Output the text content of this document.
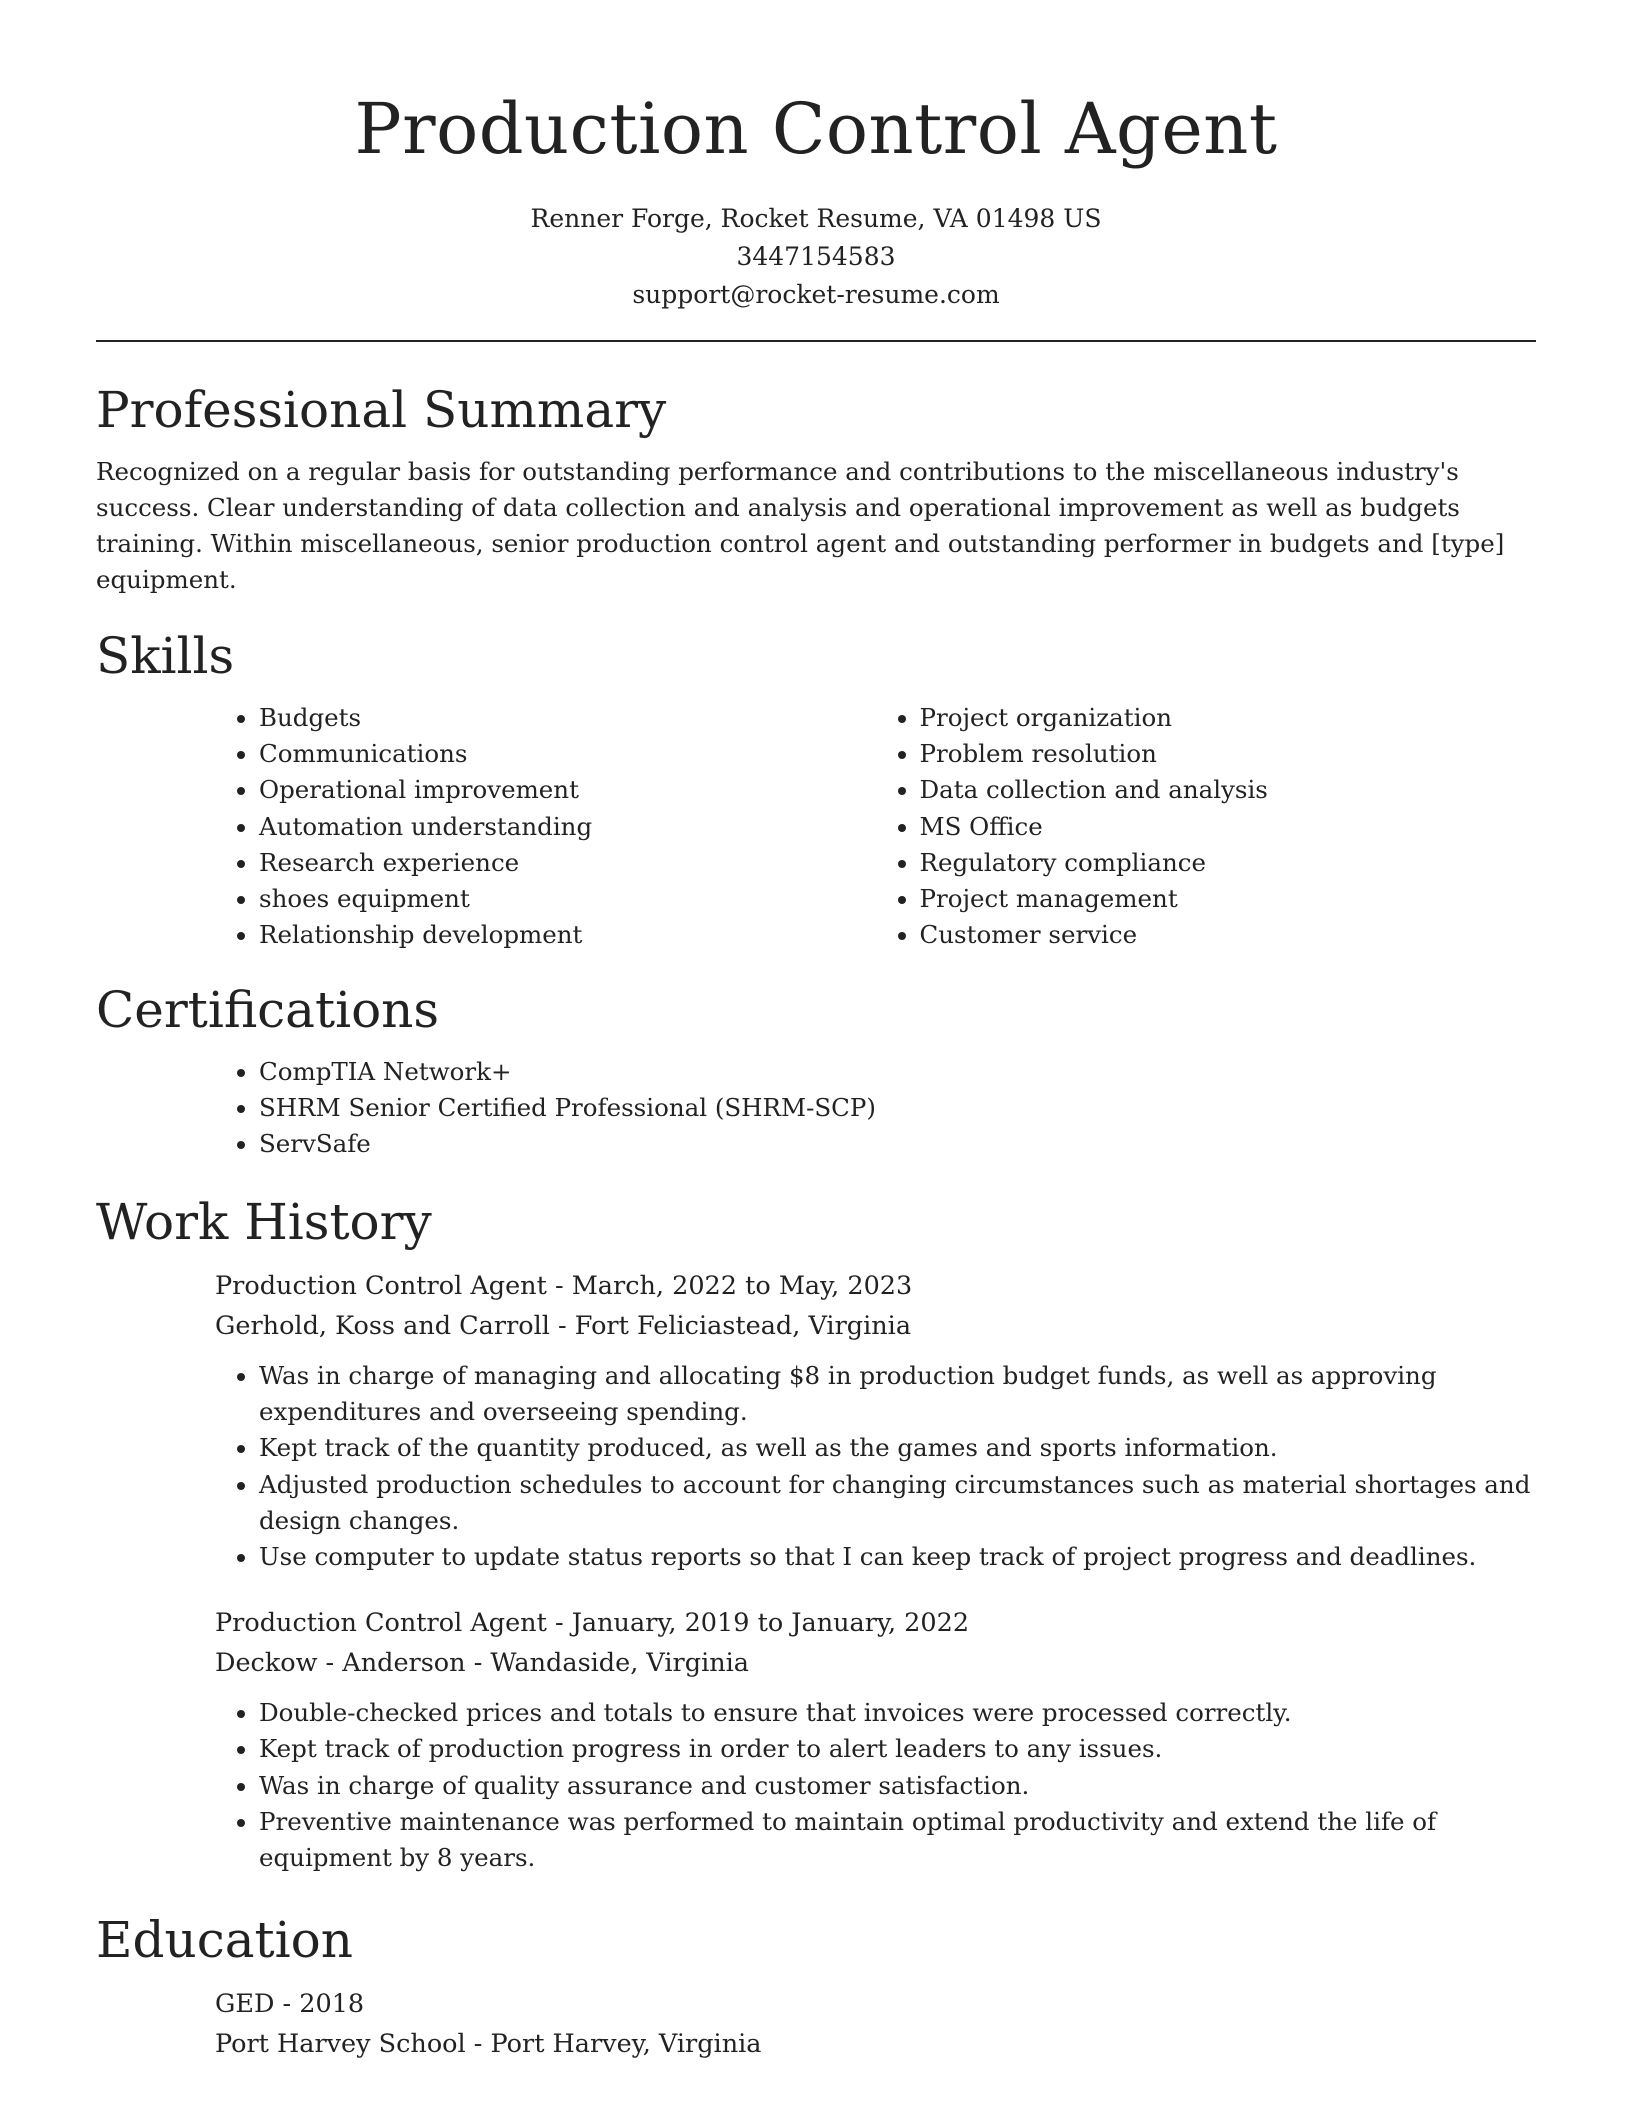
Production Control Agent
Renner Forge, Rocket Resume, VA 01498 US
3447154583
support@rocket-resume.com
Professional Summary

Recognized on a regular basis for outstanding performance and contributions to the miscellaneous industry's success. Clear understanding of data collection and analysis and operational improvement as well as budgets training. Within miscellaneous, senior production control agent and outstanding performer in budgets and [type] equipment.

Skills
• Budgets
• Communications
• Operational improvement
• Automation understanding
• Research experience
• shoes equipment
• Relationship development
• Project organization
• Problem resolution
• Data collection and analysis
• MS Office
• Regulatory compliance
• Project management
• Customer service
Certifications
• CompTIA Network+
• SHRM Senior Certified Professional (SHRM-SCP)
• ServSafe
Work History
Production Control Agent - March, 2022 to May, 2023
Gerhold, Koss and Carroll - Fort Feliciastead, Virginia
• Was in charge of managing and allocating $8 in production budget funds, as well as approving expenditures and overseeing spending.
• Kept track of the quantity produced, as well as the games and sports information.
• Adjusted production schedules to account for changing circumstances such as material shortages and design changes.
• Use computer to update status reports so that I can keep track of project progress and deadlines.
Production Control Agent - January, 2019 to January, 2022
Deckow - Anderson - Wandaside, Virginia
• Double-checked prices and totals to ensure that invoices were processed correctly.
• Kept track of production progress in order to alert leaders to any issues.
• Was in charge of quality assurance and customer satisfaction.
• Preventive maintenance was performed to maintain optimal productivity and extend the life of equipment by 8 years.
Education
GED - 2018
Port Harvey School - Port Harvey, Virginia
